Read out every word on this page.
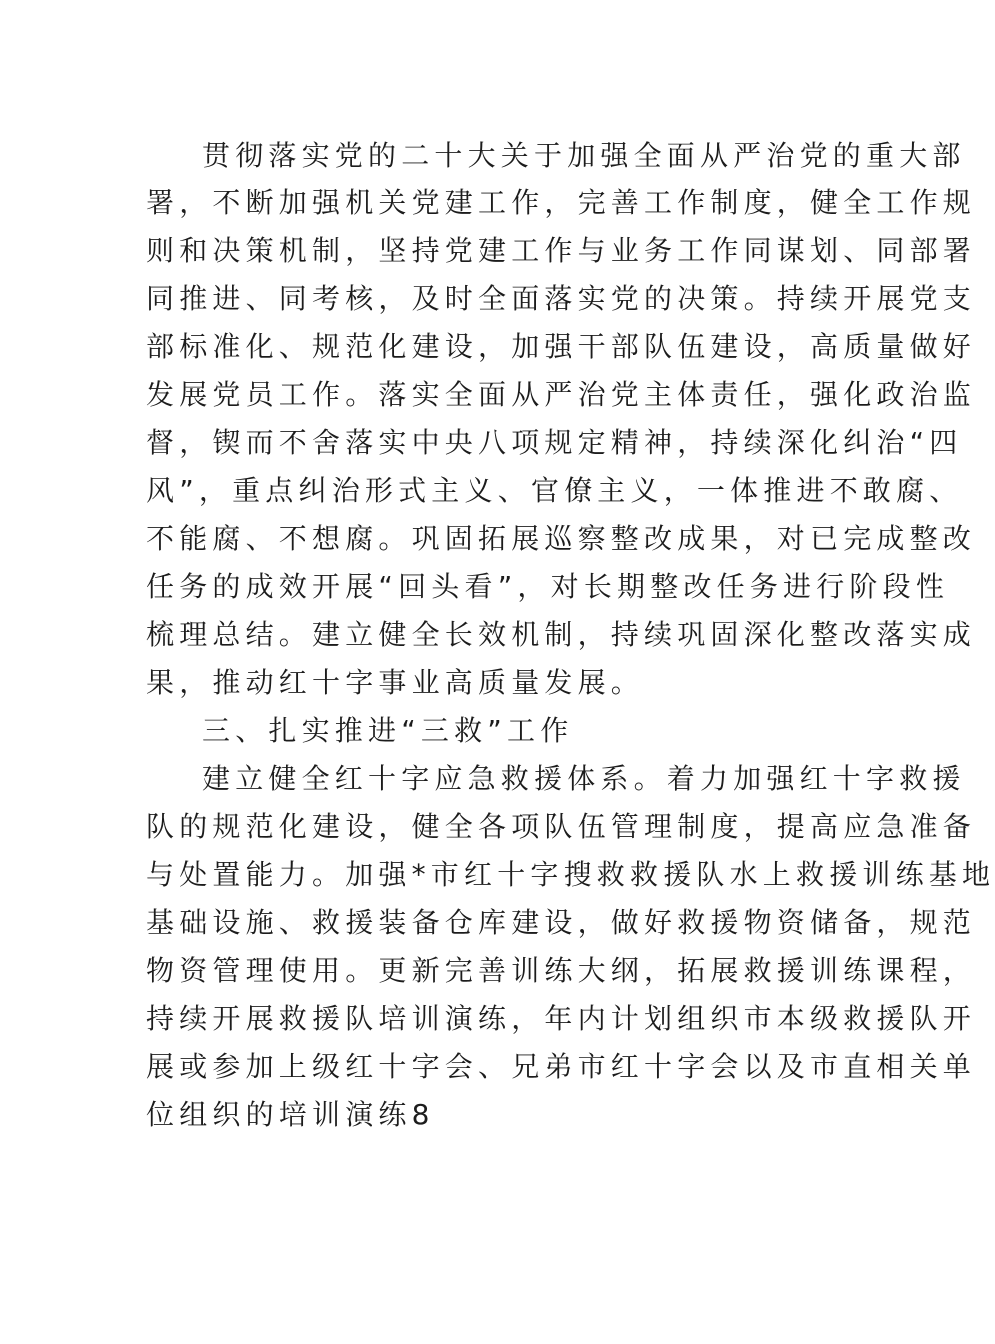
贯彻落实党的二十大关于加强全面从严治党的重大部
署，不断加强机关党建工作，完善工作制度，健全工作规
则和决策机制，坚持党建工作与业务工作同谋划、同部署
同推进、同考核，及时全面落实党的决策。持续开展党支
部标准化、规范化建设，加强干部队伍建设，高质量做好
发展党员工作。落实全面从严治党主体责任，强化政治监
督，锲而不舍落实中央八项规定精神，持续深化纠治“四
风”，重点纠治形式主义、官僚主义，一体推进不敢腐、
不能腐、不想腐。巩固拓展巡察整改成果，对已完成整改
任务的成效开展“回头看”，对长期整改任务进行阶段性
梳理总结。建立健全长效机制，持续巩固深化整改落实成
果，推动红十字事业高质量发展。
三、扎实推进“三救”工作
建立健全红十字应急救援体系。着力加强红十字救援
队的规范化建设，健全各项队伍管理制度，提高应急准备
与处置能力。加强*市红十字搜救救援队水上救援训练基地
基础设施、救援装备仓库建设，做好救援物资储备，规范
物资管理使用。更新完善训练大纲，拓展救援训练课程，
持续开展救援队培训演练，年内计划组织市本级救援队开
展或参加上级红十字会、兄弟市红十字会以及市直相关单
位组织的培训演练8
